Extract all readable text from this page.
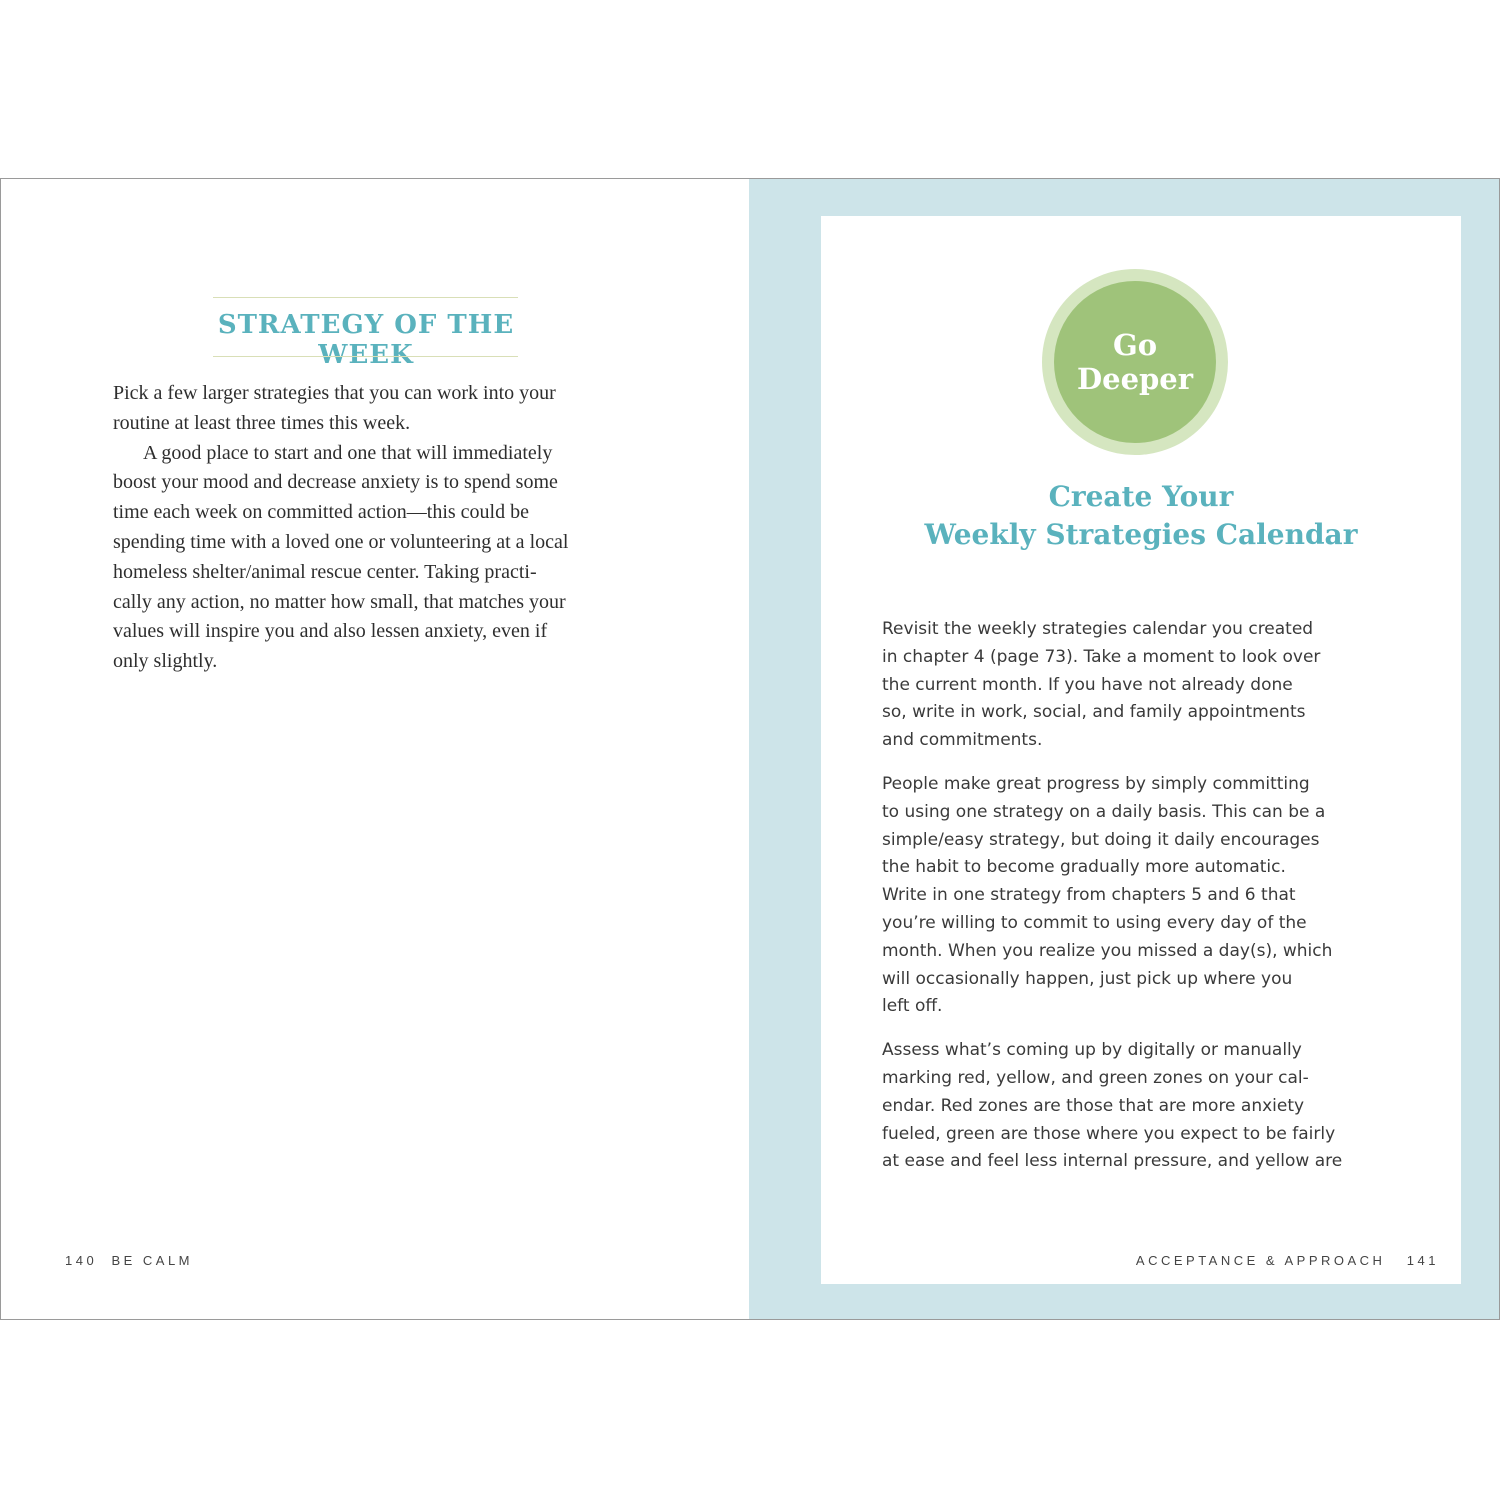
STRATEGY OF THE WEEK

Pick a few larger strategies that you can work into your
routine at least three times this week.

A good place to start and one that will immediately
boost your mood and decrease anxiety is to spend some
time each week on committed action—this could be
spending time with a loved one or volunteering at a local
homeless shelter/animal rescue center. Taking practi-
cally any action, no matter how small, that matches your
values will inspire you and also lessen anxiety, even if
only slightly.

140 BE CALM
Go
Deeper
Create Your
Weekly Strategies Calendar

Revisit the weekly strategies calendar you created
in chapter 4 (page 73). Take a moment to look over
the current month. If you have not already done
so, write in work, social, and family appointments
and commitments.

People make great progress by simply committing
to using one strategy on a daily basis. This can be a
simple/easy strategy, but doing it daily encourages
the habit to become gradually more automatic.
Write in one strategy from chapters 5 and 6 that
you’re willing to commit to using every day of the
month. When you realize you missed a day(s), which
will occasionally happen, just pick up where you
left off.

Assess what’s coming up by digitally or manually
marking red, yellow, and green zones on your cal-
endar. Red zones are those that are more anxiety
fueled, green are those where you expect to be fairly
at ease and feel less internal pressure, and yellow are

ACCEPTANCE & APPROACH 141
